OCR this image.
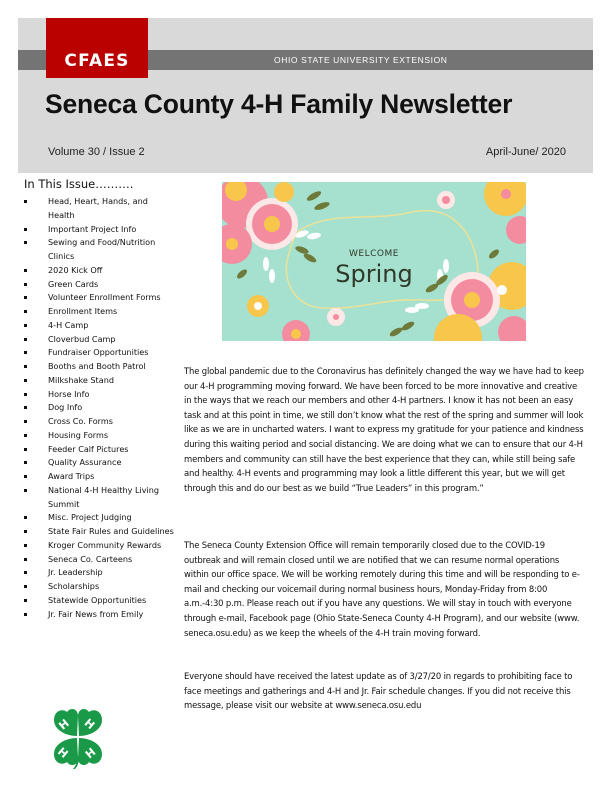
OHIO STATE UNIVERSITY EXTENSION
CFAES
Seneca County 4-H Family Newsletter
Volume 30 / Issue 2	April-June/ 2020
In This Issue……….
Head, Heart, Hands, and Health
Important Project Info
Sewing and Food/Nutrition Clinics
2020 Kick Off
Green Cards
Volunteer Enrollment Forms
Enrollment Items
4-H Camp
Cloverbud Camp
Fundraiser Opportunities
Booths and Booth Patrol
Milkshake Stand
Horse Info
Dog Info
Cross Co. Forms
Housing Forms
Feeder Calf Pictures
Quality Assurance
Award Trips
National 4-H Healthy Living Summit
Misc. Project Judging
State Fair Rules and Guidelines
Kroger Community Rewards
Seneca Co. Carteens
Jr. Leadership
Scholarships
Statewide Opportunities
Jr. Fair News from Emily
WELCOME
Spring

The global pandemic due to the Coronavirus has definitely changed the way we have had to keep our 4-H programming moving forward. We have been forced to be more innovative and creative in the ways that we reach our members and other 4-H partners. I know it has not been an easy task and at this point in time, we still don’t know what the rest of the spring and summer will look like as we are in uncharted waters. I want to express my gratitude for your patience and kindness during this waiting period and social distancing. We are doing what we can to ensure that our 4-H members and community can still have the best experience that they can, while still being safe and healthy. 4-H events and programming may look a little different this year, but we will get through this and do our best as we build “True Leaders” in this program.”

The Seneca County Extension Office will remain temporarily closed due to the COVID-19 outbreak and will remain closed until we are notified that we can resume normal operations within our office space. We will be working remotely during this time and will be responding to e-mail and checking our voicemail during normal business hours, Monday-Friday from 8:00 a.m.-4:30 p.m. Please reach out if you have any questions. We will stay in touch with everyone through e-mail, Facebook page (Ohio State-Seneca County 4-H Program), and our website (www. seneca.osu.edu) as we keep the wheels of the 4-H train moving forward.

Everyone should have received the latest update as of 3/27/20 in regards to prohibiting face to face meetings and gatherings and 4-H and Jr. Fair schedule changes. If you did not receive this message, please visit our website at www.seneca.osu.edu

H H
H H
